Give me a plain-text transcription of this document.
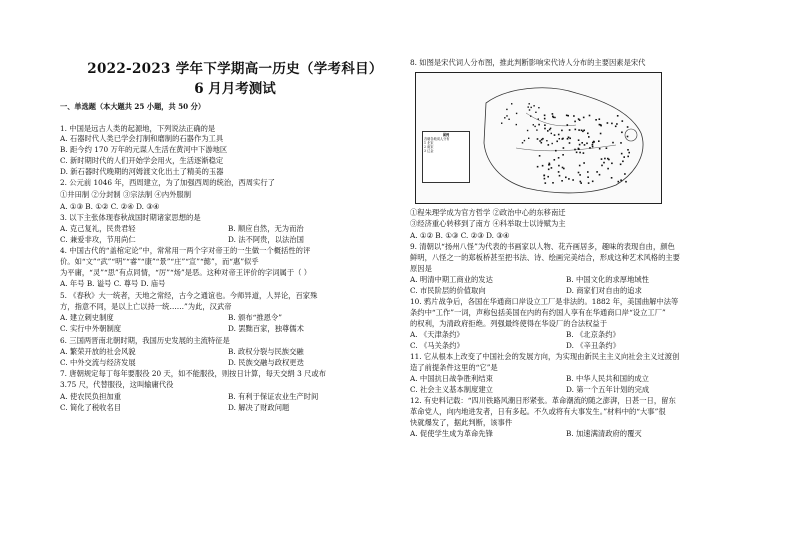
2022-2023 学年下学期高一历史（学考科目）
6 月月考测试
一、单选题（本大题共 25 小题，共 50 分）
1. 中国是远古人类的起源地，下列说法正确的是
A. 石器时代人类已学会打制和磨制的石器作为工具
B. 距今约 170 万年的元谋人生活在黄河中下游地区
C. 新时期时代的人们开始学会用火，生活逐渐稳定
D. 新石器时代晚期的河姆渡文化出土了精美的玉器
2. 公元前 1046 年，西周建立，为了加强西周的统治，西周实行了
①井田制 ②分封制 ③宗法制 ④内外服制
A. ①③ B. ①② C. ②④ D. ③④
3. 以下主张体现春秋战国时期诸家思想的是
A. 克己复礼，民贵君轻	B. 顺应自然，无为而治
C. 兼爱非攻，节用尚仁	D. 法不阿贵，以法治国
4. 中国古代的“盖棺定论”中，常常用一两个字对帝王的一生做一个概括性的评
价。如“文”“武”“明”“睿”“康”“景”“庄”“宣”“懿”，而“惠”似乎
为平庸，“灵”“思”有点同情，“厉”“炀”是恶。这种对帝王评价的字词属于（ ）
A. 年号 B. 谥号 C. 尊号 D. 庙号
5. 《春秋》大一统者，天地之常经，古今之通谊也。今师异道，人异论，百家殊
方，指意不同，是以上亡以持一统……”为此，汉武帝
A. 建立刺史制度	B. 颁布“推恩令”
C. 实行中外朝制度	D. 罢黜百家，独尊儒术
6. 三国两晋南北朝时期，我国历史发展的主流特征是
A. 繁荣开放的社会风貌	B. 政权分裂与民族交融
C. 中外交流与经济发展	D. 民族交融与政权更迭
7. 唐朝规定每丁每年要服役 20 天，如不能服役，则按日计算，每天交绢 3 尺或布
3.75 尺，代替服役，这叫输庸代役
A. 使农民负担加重	B. 有利于保证农业生产时间
C. 简化了税收名目	D. 解决了财政问题
8. 如图是宋代词人分布图，推此判断影响宋代诗人分布的主要因素是宋代
①程朱理学成为官方哲学 ②政治中心的东移南迁
③经济重心转移到了南方 ④科举取士以诗赋为主
A. ①② B. ①③ C. ②③ D. ③④
9. 清朝以“扬州八怪”为代表的书画家以人物、花卉画居多，趣味的表现自由，颜色
鲜明，八怪之一的郑板桥甚至把书法、诗、绘画完美结合，形成这种艺术风格的主要
原因是
A. 明清中期工商业的发达	B. 中国文化的求厚地域性
C. 市民阶层的价值取向	D. 商家们对自由的追求
10. 鸦片战争后，各国在华通商口岸设立工厂是非法的。1882 年，美国曲解中法等
条约中“工作”一词，声称包括美国在内的有约国人享有在华通商口岸“设立工厂”
的权利，为清政府拒绝。列强最终使得在华设厂的合法权益于
A. 《天津条约》	B. 《北京条约》
C. 《马关条约》	D. 《辛丑条约》
11. 它从根本上改变了中国社会的发展方向，为实现由新民主主义向社会主义过渡创
造了前提条件这里的“它”是
A. 中国抗日战争胜利结束	B. 中华人民共和国的成立
C. 社会主义基本制度建立	D. 第一个五年计划的完成
12. 有史料记载：“四川铁路风潮日形紧张。革命潮流的随之澎湃，日甚一日，留东
革命党人，向内地进发者，日有多起。不久或将有大事发生。”材料中的“大事”很
快就爆发了，据此判断，该事件
A. 促使学生成为革命先锋	B. 加速满清政府的覆灭
图例
各朝各地词人分布
1 北宋
2 南宋
3 辽金
